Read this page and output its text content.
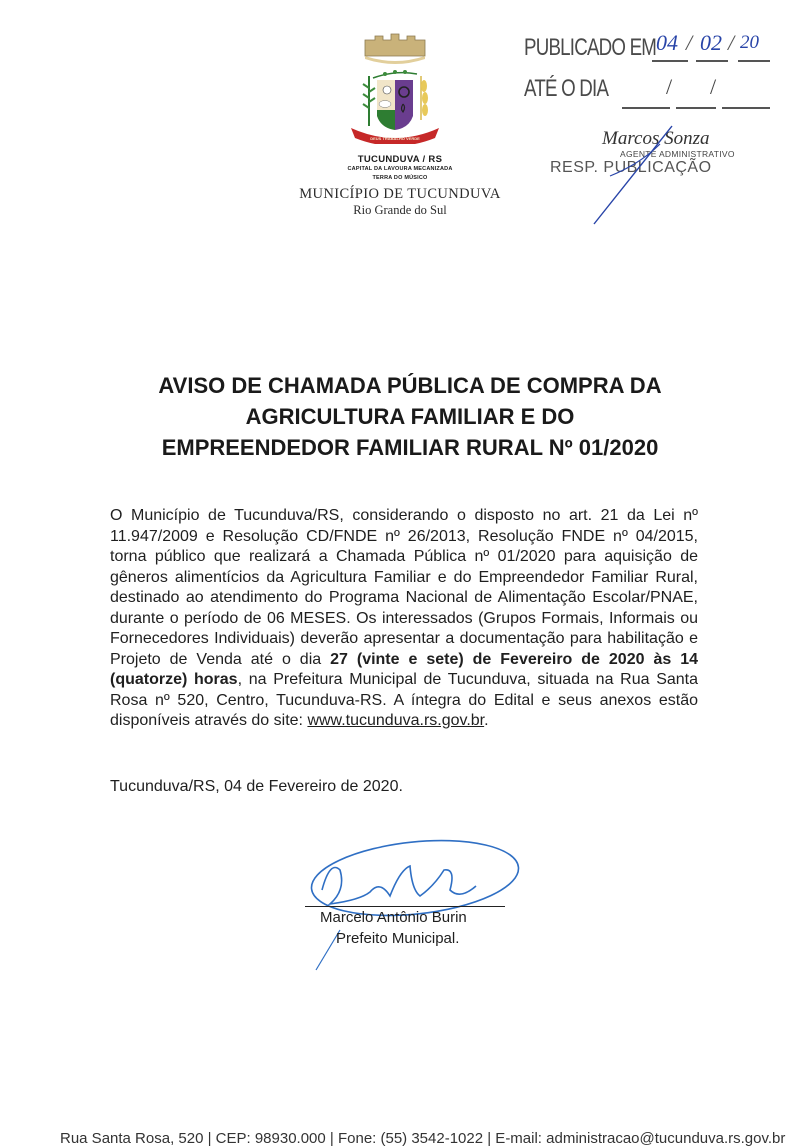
DEUS TRABALHO VERDE
TUCUNDUVA / RS
CAPITAL DA LAVOURA MECANIZADA
TERRA DO MÚSICO
MUNICÍPIO DE TUCUNDUVA
Rio Grande do Sul
PUBLICADO EM 04 / 02 / 20
ATÉ O DIA	/ /
Marcos Sonza
AGENTE ADMINISTRATIVO
RESP. PUBLICAÇÃO
AVISO DE CHAMADA PÚBLICA DE COMPRA DA
AGRICULTURA FAMILIAR E DO
EMPREENDEDOR FAMILIAR RURAL Nº 01/2020
O Município de Tucunduva/RS, considerando o disposto no art. 21 da Lei nº 11.947/2009 e Resolução CD/FNDE nº 26/2013, Resolução FNDE nº 04/2015, torna público que realizará a Chamada Pública nº 01/2020 para aquisição de gêneros alimentícios da Agricultura Familiar e do Empreendedor Familiar Rural, destinado ao atendimento do Programa Nacional de Alimentação Escolar/PNAE, durante o período de 06 MESES. Os interessados (Grupos Formais, Informais ou Fornecedores Individuais) deverão apresentar a documentação para habilitação e Projeto de Venda até o dia 27 (vinte e sete) de Fevereiro de 2020 às 14 (quatorze) horas, na Prefeitura Municipal de Tucunduva, situada na Rua Santa Rosa nº 520, Centro, Tucunduva-RS. A íntegra do Edital e seus anexos estão disponíveis através do site: www.tucunduva.rs.gov.br.
Tucunduva/RS, 04 de Fevereiro de 2020.
Marcelo Antônio Burin
Prefeito Municipal.
Rua Santa Rosa, 520 | CEP: 98930.000 | Fone: (55) 3542-1022 | E-mail: administracao@tucunduva.rs.gov.br
